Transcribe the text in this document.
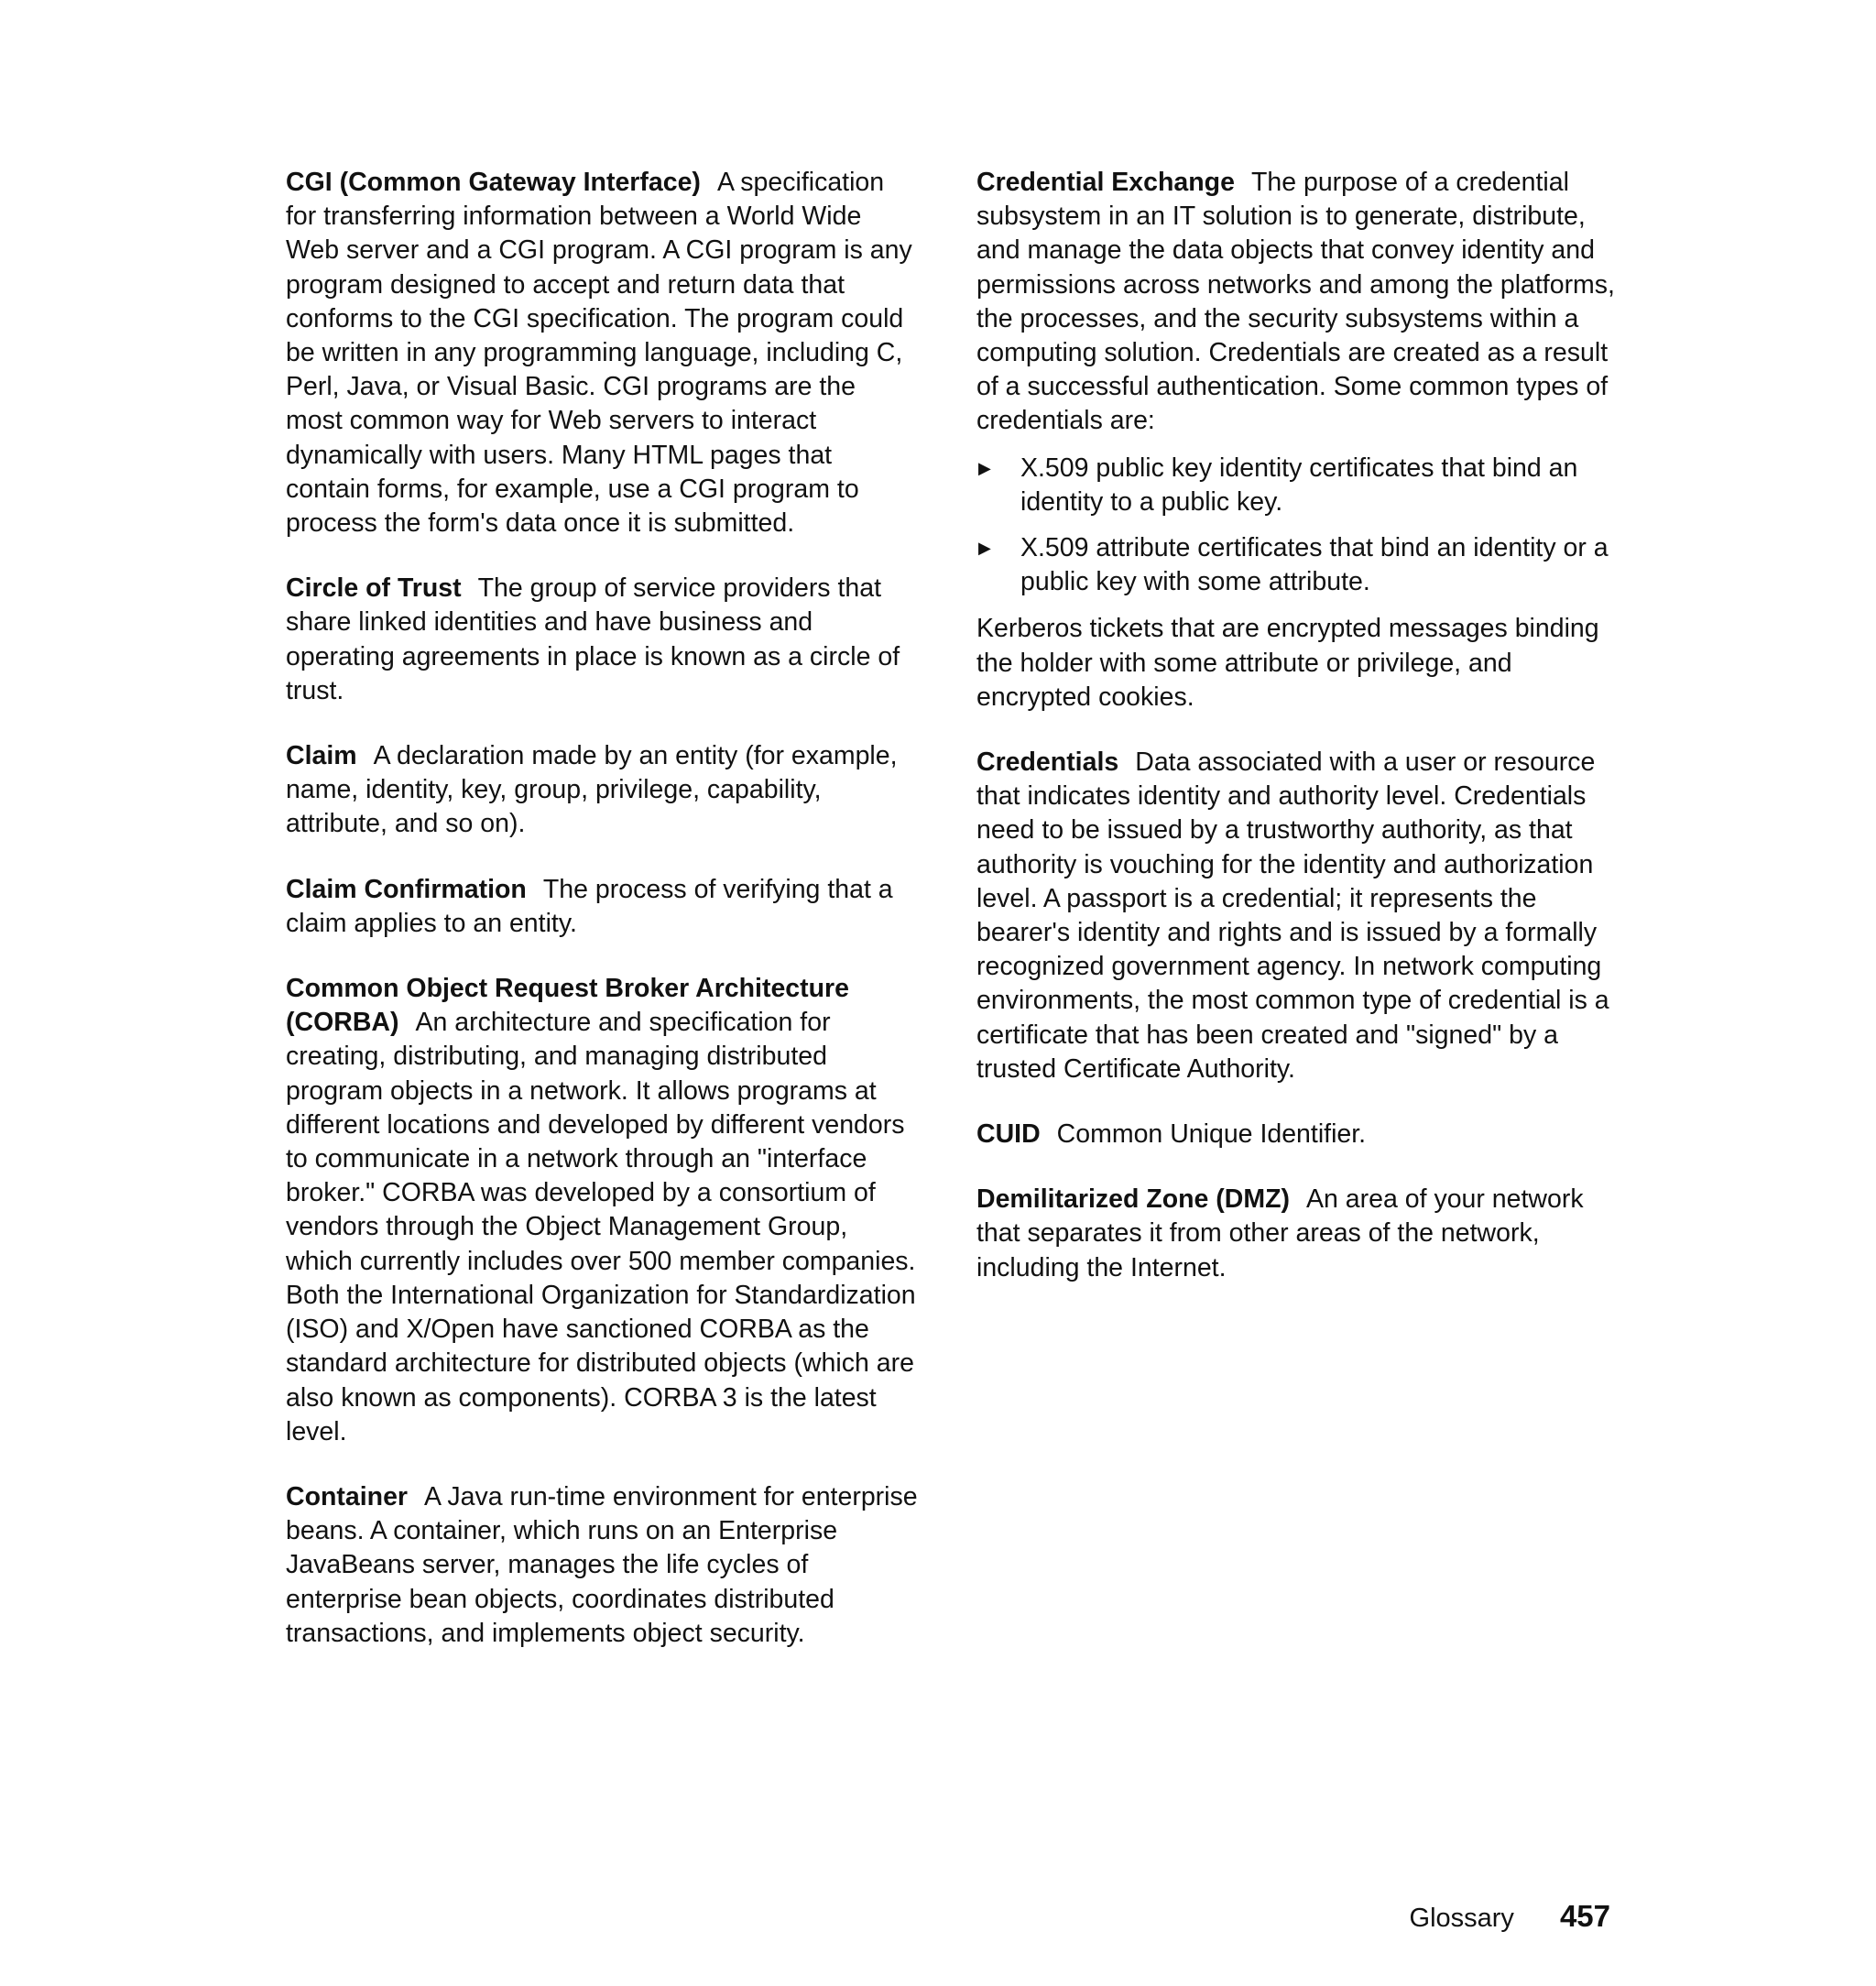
CGI (Common Gateway Interface) A specification for transferring information between a World Wide Web server and a CGI program. A CGI program is any program designed to accept and return data that conforms to the CGI specification. The program could be written in any programming language, including C, Perl, Java, or Visual Basic. CGI programs are the most common way for Web servers to interact dynamically with users. Many HTML pages that contain forms, for example, use a CGI program to process the form's data once it is submitted.

Circle of Trust The group of service providers that share linked identities and have business and operating agreements in place is known as a circle of trust.

Claim A declaration made by an entity (for example, name, identity, key, group, privilege, capability, attribute, and so on).

Claim Confirmation The process of verifying that a claim applies to an entity.

Common Object Request Broker Architecture (CORBA) An architecture and specification for creating, distributing, and managing distributed program objects in a network. It allows programs at different locations and developed by different vendors to communicate in a network through an "interface broker." CORBA was developed by a consortium of vendors through the Object Management Group, which currently includes over 500 member companies. Both the International Organization for Standardization (ISO) and X/Open have sanctioned CORBA as the standard architecture for distributed objects (which are also known as components). CORBA 3 is the latest level.

Container A Java run-time environment for enterprise beans. A container, which runs on an Enterprise JavaBeans server, manages the life cycles of enterprise bean objects, coordinates distributed transactions, and implements object security.

Credential Exchange The purpose of a credential subsystem in an IT solution is to generate, distribute, and manage the data objects that convey identity and permissions across networks and among the platforms, the processes, and the security subsystems within a computing solution. Credentials are created as a result of a successful authentication. Some common types of credentials are:

▶ X.509 public key identity certificates that bind an identity to a public key.
▶ X.509 attribute certificates that bind an identity or a public key with some attribute.

Kerberos tickets that are encrypted messages binding the holder with some attribute or privilege, and encrypted cookies.

Credentials Data associated with a user or resource that indicates identity and authority level. Credentials need to be issued by a trustworthy authority, as that authority is vouching for the identity and authorization level. A passport is a credential; it represents the bearer's identity and rights and is issued by a formally recognized government agency. In network computing environments, the most common type of credential is a certificate that has been created and "signed" by a trusted Certificate Authority.

CUID Common Unique Identifier.

Demilitarized Zone (DMZ) An area of your network that separates it from other areas of the network, including the Internet.

Glossary 457
